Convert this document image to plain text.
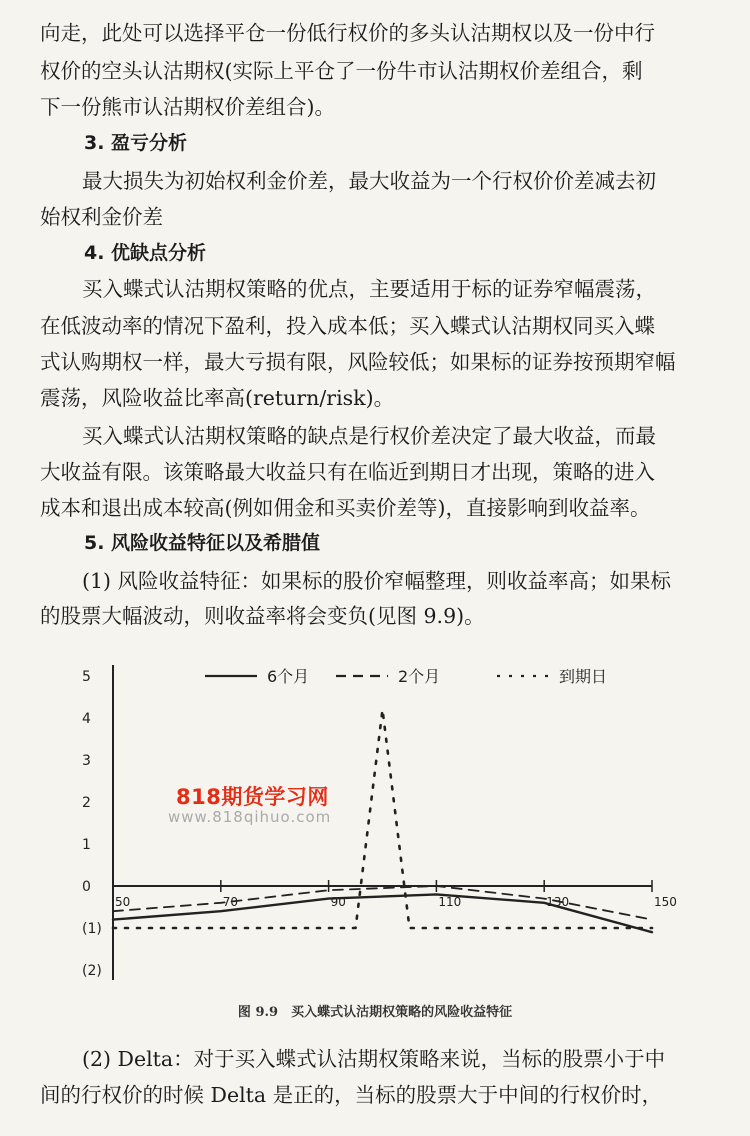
向走，此处可以选择平仓一份低行权价的多头认沽期权以及一份中行
权价的空头认沽期权(实际上平仓了一份牛市认沽期权价差组合，剩
下一份熊市认沽期权价差组合)。
3. 盈亏分析
最大损失为初始权利金价差，最大收益为一个行权价价差减去初
始权利金价差
4. 优缺点分析
买入蝶式认沽期权策略的优点，主要适用于标的证券窄幅震荡，
在低波动率的情况下盈利，投入成本低；买入蝶式认沽期权同买入蝶
式认购期权一样，最大亏损有限，风险较低；如果标的证券按预期窄幅
震荡，风险收益比率高(return/risk)。
买入蝶式认沽期权策略的缺点是行权价差决定了最大收益，而最
大收益有限。该策略最大收益只有在临近到期日才出现，策略的进入
成本和退出成本较高(例如佣金和买卖价差等)，直接影响到收益率。
5. 风险收益特征以及希腊值
(1) 风险收益特征：如果标的股价窄幅整理，则收益率高；如果标
的股票大幅波动，则收益率将会变负(见图 9.9)。
5
4
3
2
1
0
(1)
(2)
50	70	90	110	130	150
6个月	2个月	到期日
818期货学习网
www.818qihuo.com
图 9.9　买入蝶式认沽期权策略的风险收益特征
(2) Delta：对于买入蝶式认沽期权策略来说，当标的股票小于中
间的行权价的时候 Delta 是正的，当标的股票大于中间的行权价时，
